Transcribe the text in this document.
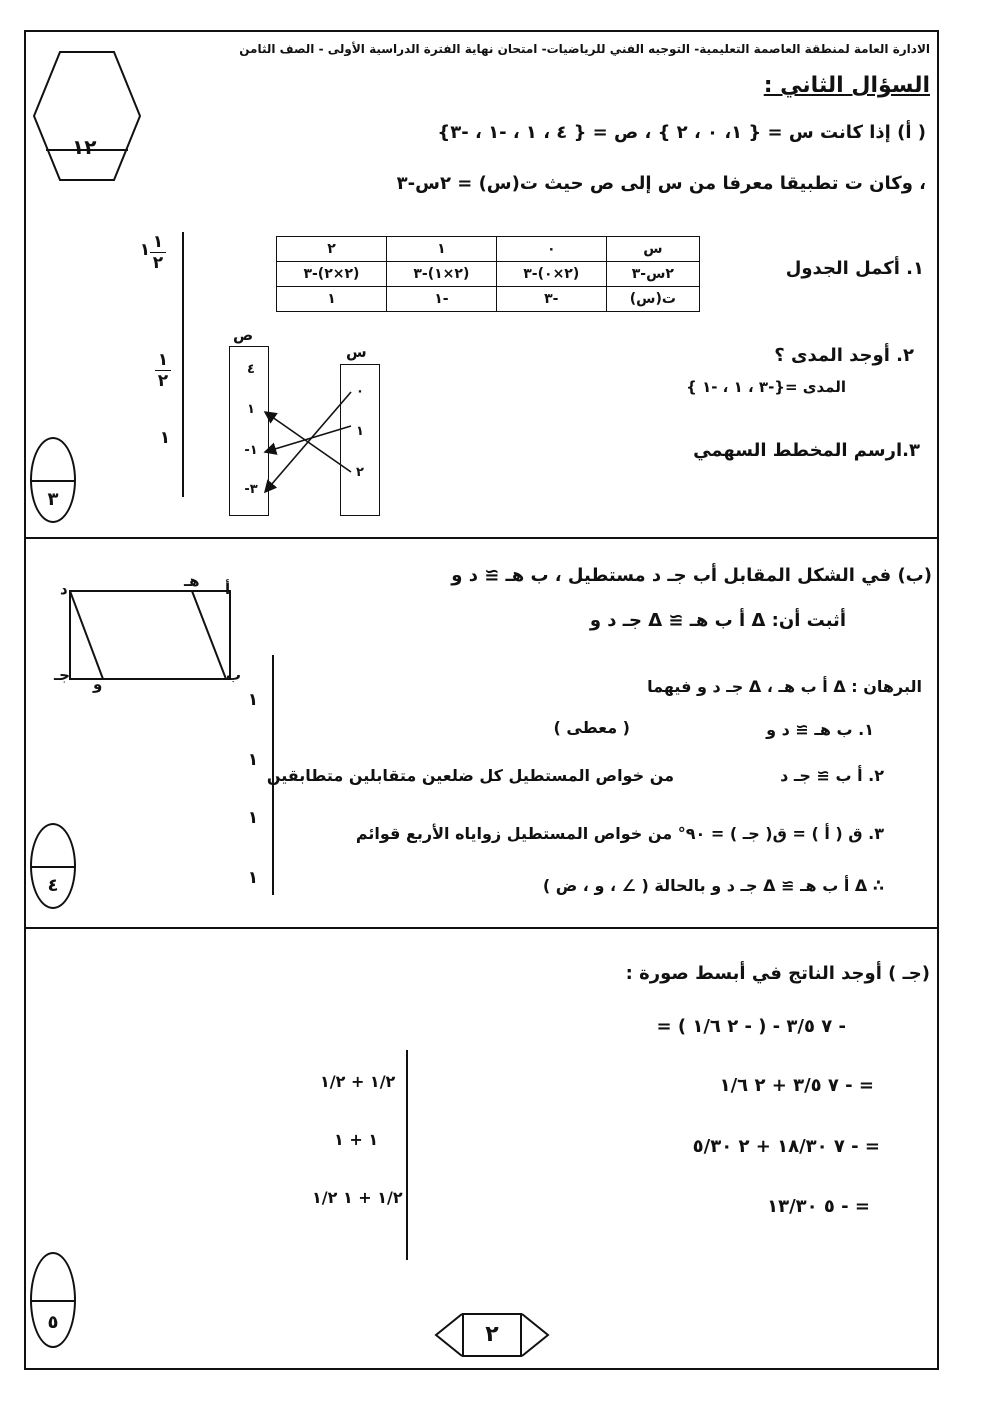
الادارة العامة لمنطقة العاصمة التعليمية- التوجيه الفني للرياضيات- امتحان نهاية الفترة الدراسية الأولى - الصف الثامن
١٢
السؤال الثاني :
( أ) إذا كانت س = { ١، ٠ ، ٢ } ، ص = { ٤ ، ١ ، -١ ، -٣}
، وكان ت تطبيقا معرفا من س إلى ص حيث ت(س) = ٢س-٣
١. أكمل الجدول
س	٠	١	٢
٢س-٣	(٢×٠)-٣	(٢×١)-٣	(٢×٢)-٣
ت(س)	-٣	-١	١
٢. أوجد المدى ؟
المدى ={-٣ ، ١ ، -١ }
٣.ارسم المخطط السهمي
ص
س
٤
١
-١
-٣
٠
١
٢
١
٢
١
١
٢
١
٣
(ب) في الشكل المقابل أب جـ د مستطيل ، ب هـ ≅ د و
أثبت أن: Δ أ ب هـ ≅ Δ جـ د و
أ
هـ
د
ب
و
جـ
البرهان : Δ أ ب هـ ، Δ جـ د و فيهما
١. ب هـ ≅ د و
( معطى )
٢. أ ب ≅ جـ د
من خواص المستطيل كل ضلعين متقابلين متطابقين
٣. ق ( أ ) = ق( جـ ) = ٩٠° من خواص المستطيل زواياه الأربع قوائم
∴ Δ أ ب هـ ≅ Δ جـ د و بالحالة ( ∠ ، و ، ض )
١
١
١
١
٤
(جـ ) أوجد الناتج في أبسط صورة :
- ٧ ٣/٥ - ( - ٢ ١/٦ ) =
= - ٧ ٣/٥ + ٢ ١/٦
= - ٧ ١٨/٣٠ + ٢ ٥/٣٠
= - ٥ ١٣/٣٠
١/٢ + ١/٢
١ + ١
١/٢ + ١ ١/٢
٥	٢
